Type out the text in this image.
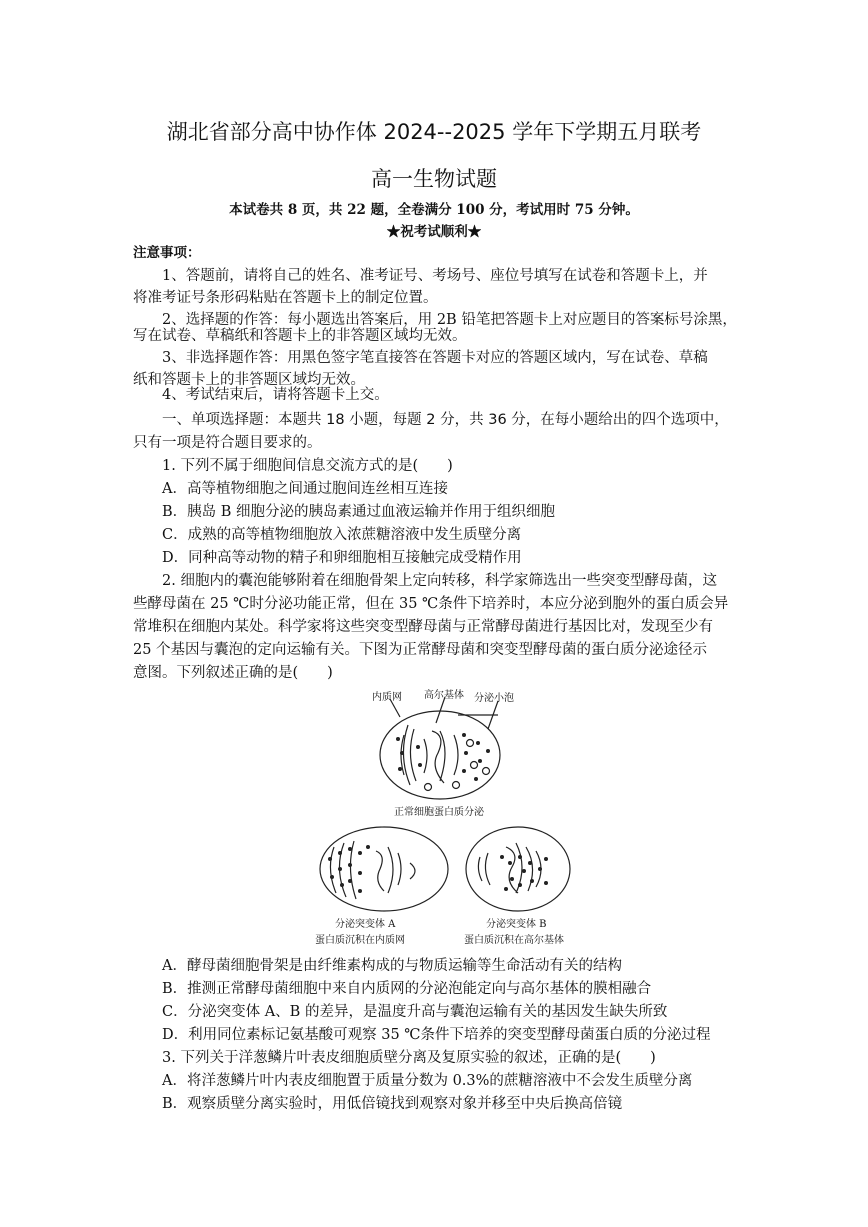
湖北省部分高中协作体 2024--2025 学年下学期五月联考
高一生物试题
本试卷共 8 页，共 22 题，全卷满分 100 分，考试用时 75 分钟。
★祝考试顺利★
注意事项：
1、答题前，请将自己的姓名、准考证号、考场号、座位号填写在试卷和答题卡上，并
将准考证号条形码粘贴在答题卡上的制定位置。
2、选择题的作答：每小题选出答案后，用 2B 铅笔把答题卡上对应题目的答案标号涂黑，
写在试卷、草稿纸和答题卡上的非答题区域均无效。
3、非选择题作答：用黑色签字笔直接答在答题卡对应的答题区域内，写在试卷、草稿
纸和答题卡上的非答题区域均无效。
4、考试结束后，请将答题卡上交。
一、单项选择题：本题共 18 小题，每题 2 分，共 36 分，在每小题给出的四个选项中，
只有一项是符合题目要求的。
1. 下列不属于细胞间信息交流方式的是(　　)
A．高等植物细胞之间通过胞间连丝相互连接
B．胰岛 B 细胞分泌的胰岛素通过血液运输并作用于组织细胞
C．成熟的高等植物细胞放入浓蔗糖溶液中发生质壁分离
D．同种高等动物的精子和卵细胞相互接触完成受精作用
2. 细胞内的囊泡能够附着在细胞骨架上定向转移，科学家筛选出一些突变型酵母菌，这
些酵母菌在 25 ℃时分泌功能正常，但在 35 ℃条件下培养时，本应分泌到胞外的蛋白质会异
常堆积在细胞内某处。科学家将这些突变型酵母菌与正常酵母菌进行基因比对，发现至少有
25 个基因与囊泡的定向运输有关。下图为正常酵母菌和突变型酵母菌的蛋白质分泌途径示
意图。下列叙述正确的是(　　)
内质网 高尔基体 分泌小泡
正常细胞蛋白质分泌
分泌突变体 A
蛋白质沉积在内质网
分泌突变体 B
蛋白质沉积在高尔基体
A．酵母菌细胞骨架是由纤维素构成的与物质运输等生命活动有关的结构
B．推测正常酵母菌细胞中来自内质网的分泌泡能定向与高尔基体的膜相融合
C．分泌突变体 A、B 的差异，是温度升高与囊泡运输有关的基因发生缺失所致
D．利用同位素标记氨基酸可观察 35 ℃条件下培养的突变型酵母菌蛋白质的分泌过程
3. 下列关于洋葱鳞片叶表皮细胞质壁分离及复原实验的叙述，正确的是(　　)
A．将洋葱鳞片叶内表皮细胞置于质量分数为 0.3%的蔗糖溶液中不会发生质壁分离
B．观察质壁分离实验时，用低倍镜找到观察对象并移至中央后换高倍镜
